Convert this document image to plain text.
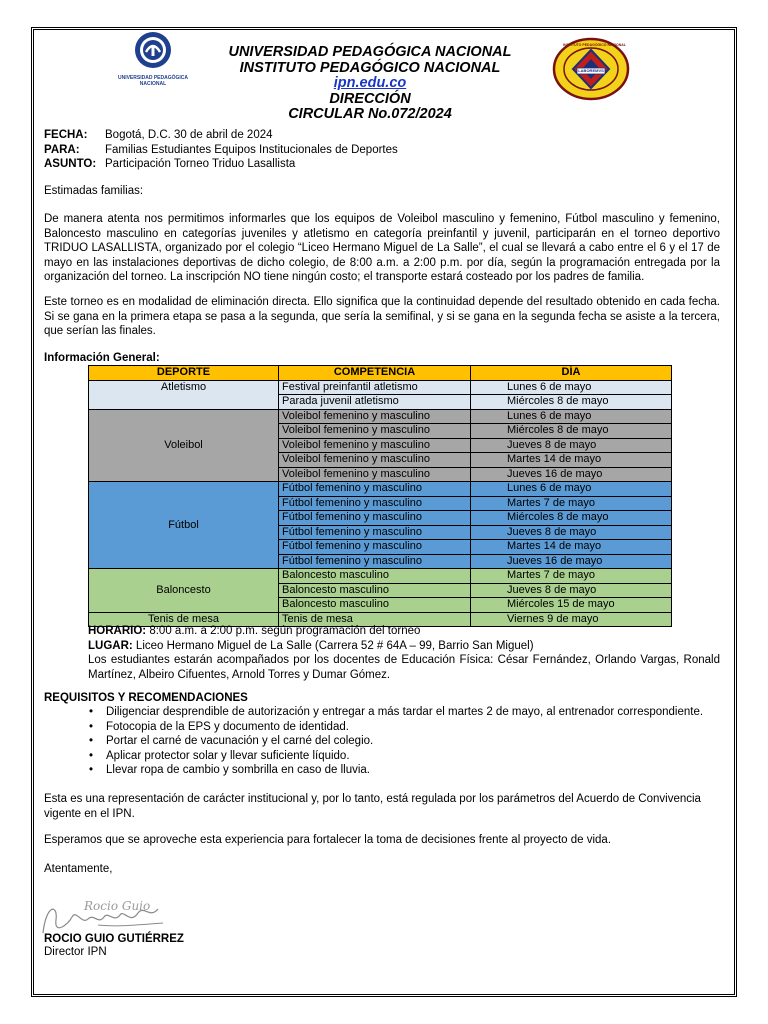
UNIVERSIDAD PEDAGÓGICA
NACIONAL
INSTITUTO PEDAGÓGICO NACIONAL
LABOREMVS
UNIVERSIDAD PEDAGÓGICA NACIONAL
INSTITUTO PEDAGÓGICO NACIONAL
ipn.edu.co
DIRECCIÓN
CIRCULAR No.072/2024
FECHA:	Bogotá, D.C. 30 de abril de 2024
PARA:	Familias Estudiantes Equipos Institucionales de Deportes
ASUNTO: Participación Torneo Triduo Lasallista
Estimadas familias:
De manera atenta nos permitimos informarles que los equipos de Voleibol masculino y femenino, Fútbol masculino y femenino, Baloncesto masculino en categorías juveniles y atletismo en categoría preinfantil y juvenil, participarán en el torneo deportivo TRIDUO LASALLISTA, organizado por el colegio “Liceo Hermano Miguel de La Salle”, el cual se llevará a cabo entre el 6 y el 17 de mayo en las instalaciones deportivas de dicho colegio, de 8:00 a.m. a 2:00 p.m. por día, según la programación entregada por la organización del torneo. La inscripción NO tiene ningún costo; el transporte estará costeado por los padres de familia.
Este torneo es en modalidad de eliminación directa. Ello significa que la continuidad depende del resultado obtenido en cada fecha. Si se gana en la primera etapa se pasa a la segunda, que sería la semifinal, y si se gana en la segunda fecha se asiste a la tercera, que serían las finales.
Información General:
DEPORTE	COMPETENCIA	DÍA
Atletismo	Festival preinfantil atletismo	Lunes 6 de mayo
	Parada juvenil atletismo	Miércoles 8 de mayo
Voleibol	Voleibol femenino y masculino	Lunes 6 de mayo
	Voleibol femenino y masculino	Miércoles 8 de mayo
	Voleibol femenino y masculino	Jueves 8 de mayo
	Voleibol femenino y masculino	Martes 14 de mayo
	Voleibol femenino y masculino	Jueves 16 de mayo
Fútbol	Fútbol femenino y masculino	Lunes 6 de mayo
	Fútbol femenino y masculino	Martes 7 de mayo
	Fútbol femenino y masculino	Miércoles 8 de mayo
	Fútbol femenino y masculino	Jueves 8 de mayo
	Fútbol femenino y masculino	Martes 14 de mayo
	Fútbol femenino y masculino	Jueves 16 de mayo
Baloncesto	Baloncesto masculino	Martes 7 de mayo
	Baloncesto masculino	Jueves 8 de mayo
	Baloncesto masculino	Miércoles 15 de mayo
Tenis de mesa	Tenis de mesa	Viernes 9 de mayo
HORARIO: 8:00 a.m. a 2:00 p.m. según programación del torneo
LUGAR: Liceo Hermano Miguel de La Salle (Carrera 52 # 64A – 99, Barrio San Miguel)
Los estudiantes estarán acompañados por los docentes de Educación Física: César Fernández, Orlando Vargas, Ronald Martínez, Albeiro Cifuentes, Arnold Torres y Dumar Gómez.
REQUISITOS Y RECOMENDACIONES
• Diligenciar desprendible de autorización y entregar a más tardar el martes 2 de mayo, al entrenador correspondiente.
• Fotocopia de la EPS y documento de identidad.
• Portar el carné de vacunación y el carné del colegio.
• Aplicar protector solar y llevar suficiente líquido.
• Llevar ropa de cambio y sombrilla en caso de lluvia.
Esta es una representación de carácter institucional y, por lo tanto, está regulada por los parámetros del Acuerdo de Convivencia vigente en el IPN.
Esperamos que se aproveche esta experiencia para fortalecer la toma de decisiones frente al proyecto de vida.
Atentamente,
Rocio Guio
ROCIO GUIO GUTIÉRREZ
Director IPN
